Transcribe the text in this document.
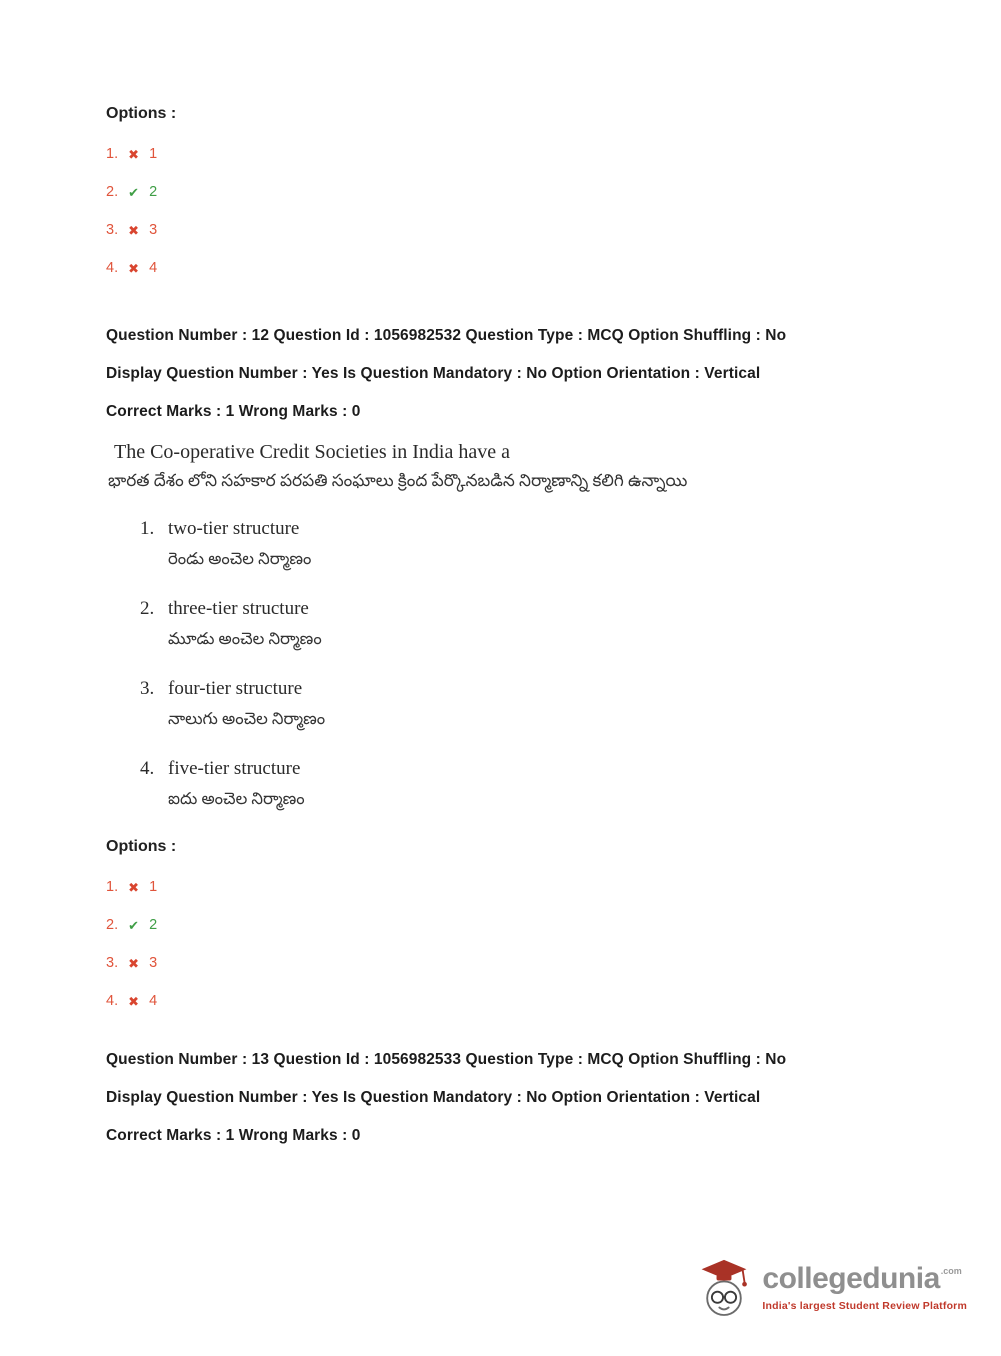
Options :
1. ✖ 1
2. ✔ 2
3. ✖ 3
4. ✖ 4

Question Number : 12 Question Id : 1056982532 Question Type : MCQ Option Shuffling : No

Display Question Number : Yes Is Question Mandatory : No Option Orientation : Vertical

Correct Marks : 1 Wrong Marks : 0

The Co-operative Credit Societies in India have a
భారత దేశం లోని సహకార పరపతి సంఘాలు క్రింద పేర్కొనబడిన నిర్మాణాన్ని కలిగి ఉన్నాయి
1. two-tier structure
రెండు అంచెల నిర్మాణం
2. three-tier structure
మూడు అంచెల నిర్మాణం
3. four-tier structure
నాలుగు అంచెల నిర్మాణం
4. five-tier structure
ఐదు అంచెల నిర్మాణం
Options :
1. ✖ 1
2. ✔ 2
3. ✖ 3
4. ✖ 4

Question Number : 13 Question Id : 1056982533 Question Type : MCQ Option Shuffling : No

Display Question Number : Yes Is Question Mandatory : No Option Orientation : Vertical

Correct Marks : 1 Wrong Marks : 0

collegedunia .com
India's largest Student Review Platform
